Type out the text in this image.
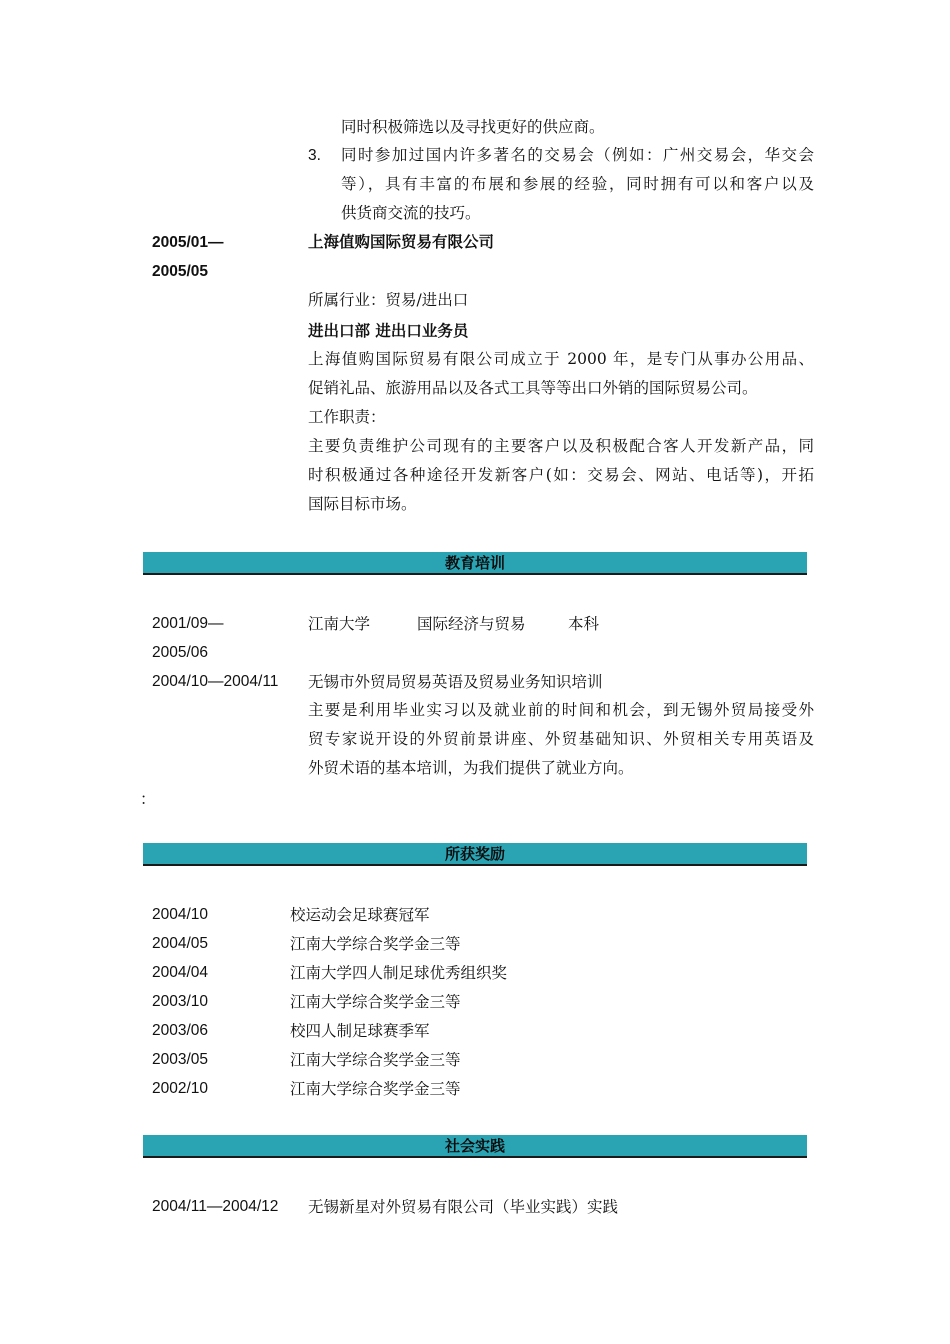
同时积极筛选以及寻找更好的供应商。
3. 同时参加过国内许多著名的交易会（例如：广州交易会，华交会
等），具有丰富的布展和参展的经验，同时拥有可以和客户以及
供货商交流的技巧。
2005/01—
2005/05
上海值购国际贸易有限公司
所属行业：贸易/进出口
进出口部 进出口业务员
上海值购国际贸易有限公司成立于 2000 年，是专门从事办公用品、
促销礼品、旅游用品以及各式工具等等出口外销的国际贸易公司。
工作职责：
主要负责维护公司现有的主要客户以及积极配合客人开发新产品，同
时积极通过各种途径开发新客户(如：交易会、网站、电话等)，开拓
国际目标市场。
教育培训
2001/09—
2005/06
江南大学	国际经济与贸易	本科
2004/10—2004/11 无锡市外贸局贸易英语及贸易业务知识培训
主要是利用毕业实习以及就业前的时间和机会，到无锡外贸局接受外
贸专家说开设的外贸前景讲座、外贸基础知识、外贸相关专用英语及
外贸术语的基本培训，为我们提供了就业方向。
：
所获奖励
2004/10	校运动会足球赛冠军
2004/05	江南大学综合奖学金三等
2004/04	江南大学四人制足球优秀组织奖
2003/10	江南大学综合奖学金三等
2003/06	校四人制足球赛季军
2003/05	江南大学综合奖学金三等
2002/10	江南大学综合奖学金三等
社会实践
2004/11—2004/12 无锡新星对外贸易有限公司（毕业实践）实践
